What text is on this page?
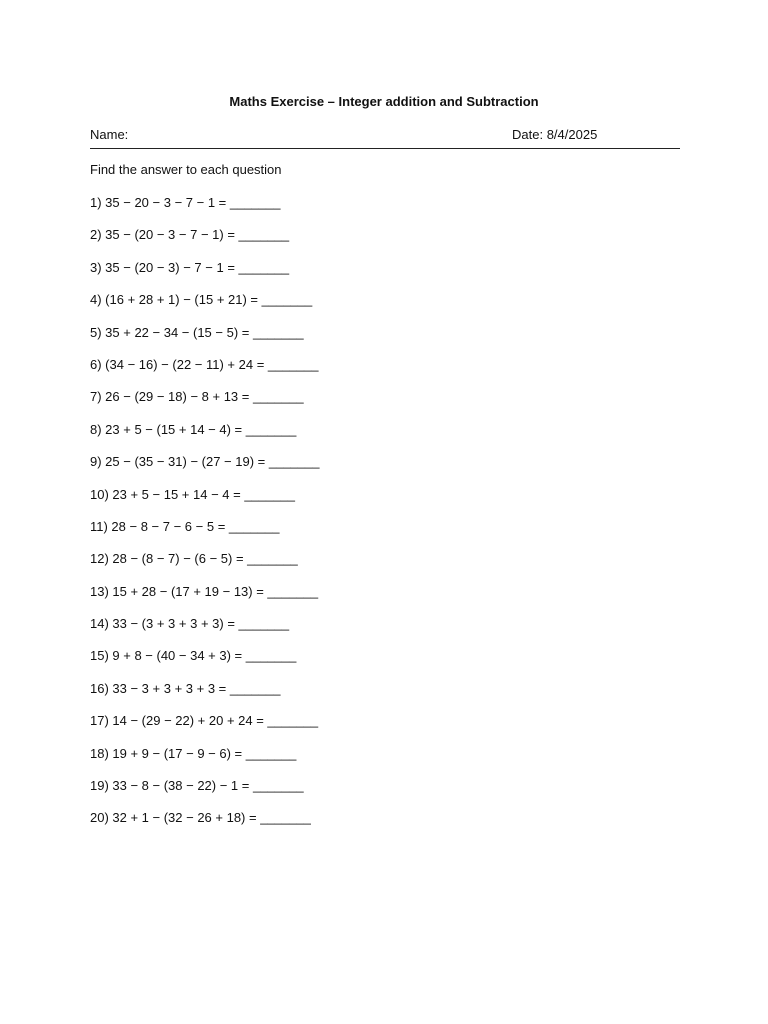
Maths Exercise – Integer addition and Subtraction
Name:	Date: 8/4/2025
Find the answer to each question
1) 35 − 20 − 3 − 7 − 1 = _______
2) 35 − (20 − 3 − 7 − 1) = _______
3) 35 − (20 − 3) − 7 − 1 = _______
4) (16 + 28 + 1) − (15 + 21) = _______
5) 35 + 22 − 34 − (15 − 5) = _______
6) (34 − 16) − (22 − 11) + 24 = _______
7) 26 − (29 − 18) − 8 + 13 = _______
8) 23 + 5 − (15 + 14 − 4) = _______
9) 25 − (35 − 31) − (27 − 19) = _______
10) 23 + 5 − 15 + 14 − 4 = _______
11) 28 − 8 − 7 − 6 − 5 = _______
12) 28 − (8 − 7) − (6 − 5) = _______
13) 15 + 28 − (17 + 19 − 13) = _______
14) 33 − (3 + 3 + 3 + 3) = _______
15) 9 + 8 − (40 − 34 + 3) = _______
16) 33 − 3 + 3 + 3 + 3 = _______
17) 14 − (29 − 22) + 20 + 24 = _______
18) 19 + 9 − (17 − 9 − 6) = _______
19) 33 − 8 − (38 − 22) − 1 = _______
20) 32 + 1 − (32 − 26 + 18) = _______
